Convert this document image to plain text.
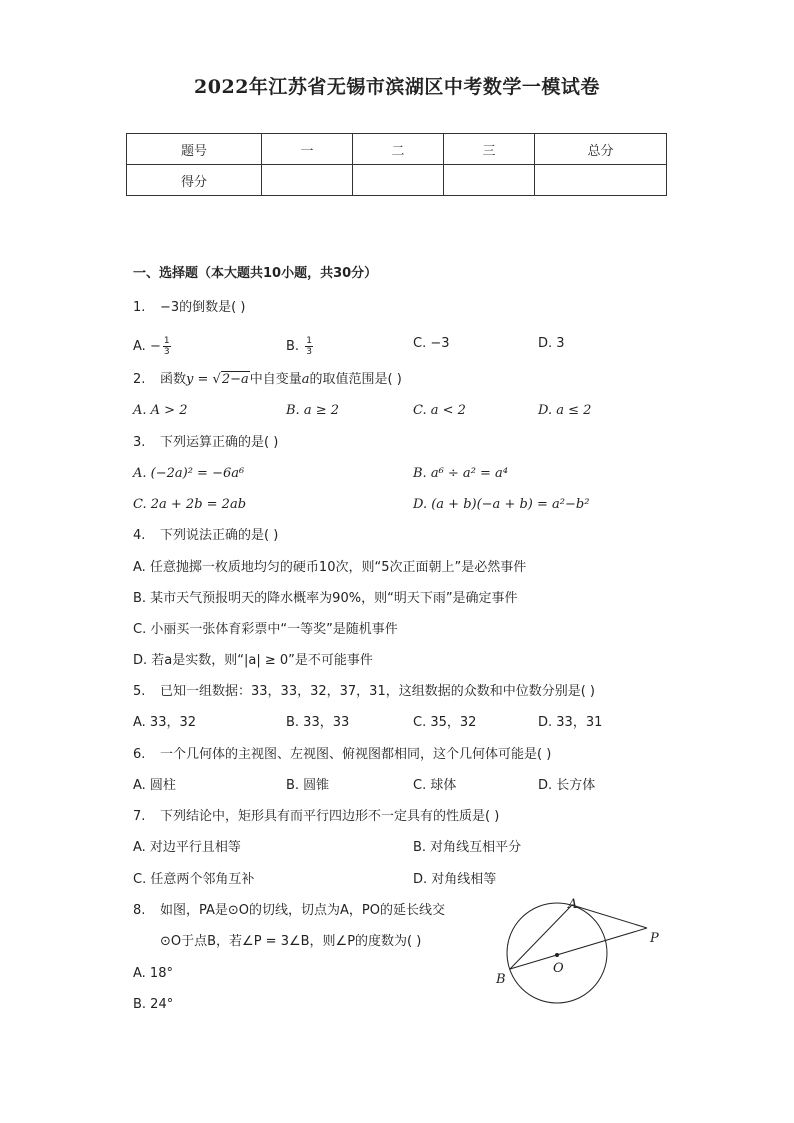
2022年江苏省无锡市滨湖区中考数学一模试卷
题号	一	二	三	总分
得分				
一、选择题（本大题共10小题，共30分）
1. −3的倒数是( )
A. − $\frac{1}{3}$	B. $\frac{1}{3}$	C. −3	D. 3
2. 函数y = √2−a中自变量a的取值范围是( )
A. A > 2	B. a ≥ 2	C. a < 2	D. a ≤ 2
3. 下列运算正确的是( )
A. (−2a)² = −6a⁶	B. a⁶ ÷ a² = a⁴
C. 2a + 2b = 2ab	D. (a + b)(−a + b) = a²−b²
4. 下列说法正确的是( )
A. 任意抛掷一枚质地均匀的硬币10次，则“5次正面朝上”是必然事件
B. 某市天气预报明天的降水概率为90%，则“明天下雨”是确定事件
C. 小丽买一张体育彩票中“一等奖”是随机事件
D. 若a是实数，则“|a| ≥ 0”是不可能事件
5. 已知一组数据：33，33，32，37，31，这组数据的众数和中位数分别是( )
A. 33，32	B. 33，33	C. 35，32	D. 33，31
6. 一个几何体的主视图、左视图、俯视图都相同，这个几何体可能是( )
A. 圆柱	B. 圆锥	C. 球体	D. 长方体
7. 下列结论中，矩形具有而平行四边形不一定具有的性质是( )
A. 对边平行且相等	B. 对角线互相平分
C. 任意两个邻角互补	D. 对角线相等
8. 如图，PA是⊙O的切线，切点为A，PO的延长线交
⊙O于点B，若∠P = 3∠B，则∠P的度数为( )
A. 18°
B. 24°
A
B
O
P
